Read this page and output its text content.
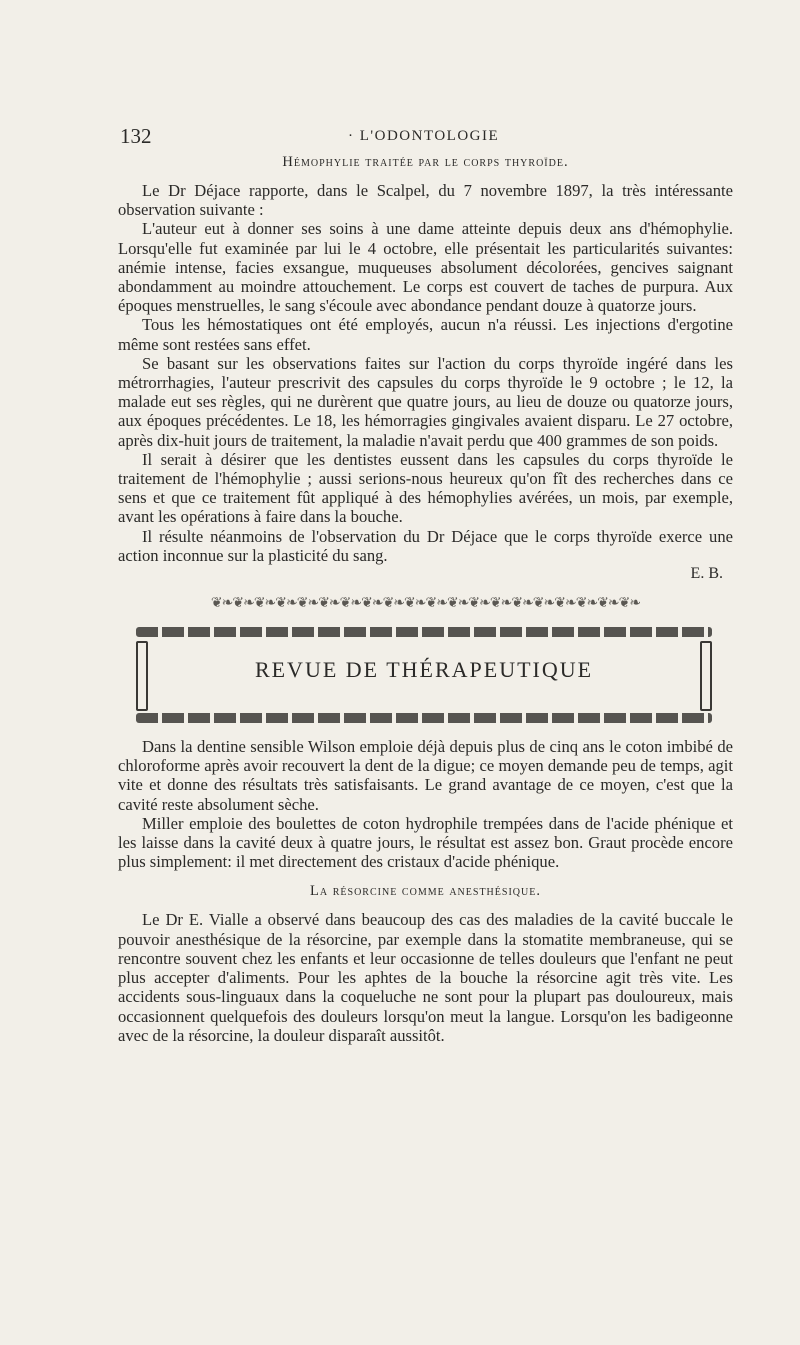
132	· L'ODONTOLOGIE
Hémophylie traitée par le corps thyroïde.

Le Dr Déjace rapporte, dans le Scalpel, du 7 novembre 1897, la très intéressante observation suivante :

L'auteur eut à donner ses soins à une dame atteinte depuis deux ans d'hémophylie. Lorsqu'elle fut examinée par lui le 4 octobre, elle présentait les particularités suivantes: anémie intense, facies exsangue, muqueuses absolument décolorées, gencives saignant abondamment au moindre attouchement. Le corps est couvert de taches de purpura. Aux époques menstruelles, le sang s'écoule avec abondance pendant douze à quatorze jours.

Tous les hémostatiques ont été employés, aucun n'a réussi. Les injections d'ergotine même sont restées sans effet.

Se basant sur les observations faites sur l'action du corps thyroïde ingéré dans les métrorrhagies, l'auteur prescrivit des capsules du corps thyroïde le 9 octobre ; le 12, la malade eut ses règles, qui ne durèrent que quatre jours, au lieu de douze ou quatorze jours, aux époques précédentes. Le 18, les hémorragies gingivales avaient disparu. Le 27 octobre, après dix-huit jours de traitement, la maladie n'avait perdu que 400 grammes de son poids.

Il serait à désirer que les dentistes eussent dans les capsules du corps thyroïde le traitement de l'hémophylie ; aussi serions-nous heureux qu'on fît des recherches dans ce sens et que ce traitement fût appliqué à des hémophylies avérées, un mois, par exemple, avant les opérations à faire dans la bouche.

Il résulte néanmoins de l'observation du Dr Déjace que le corps thyroïde exerce une action inconnue sur la plasticité du sang.

E. B.
❦❧❦❧❦❧❦❧❦❧❦❧❦❧❦❧❦❧❦❧❦❧❦❧❦❧❦❧❦❧❦❧❦❧❦❧❦❧❦❧
REVUE DE THÉRAPEUTIQUE

Dans la dentine sensible Wilson emploie déjà depuis plus de cinq ans le coton imbibé de chloroforme après avoir recouvert la dent de la digue; ce moyen demande peu de temps, agit vite et donne des résultats très satisfaisants. Le grand avantage de ce moyen, c'est que la cavité reste absolument sèche.

Miller emploie des boulettes de coton hydrophile trempées dans de l'acide phénique et les laisse dans la cavité deux à quatre jours, le résultat est assez bon. Graut procède encore plus simplement: il met directement des cristaux d'acide phénique.

La résorcine comme anesthésique.

Le Dr E. Vialle a observé dans beaucoup des cas des maladies de la cavité buccale le pouvoir anesthésique de la résorcine, par exemple dans la stomatite membraneuse, qui se rencontre souvent chez les enfants et leur occasionne de telles douleurs que l'enfant ne peut plus accepter d'aliments. Pour les aphtes de la bouche la résorcine agit très vite. Les accidents sous-linguaux dans la coqueluche ne sont pour la plupart pas douloureux, mais occasionnent quelquefois des douleurs lorsqu'on meut la langue. Lorsqu'on les badigeonne avec de la résorcine, la douleur disparaît aussitôt.
